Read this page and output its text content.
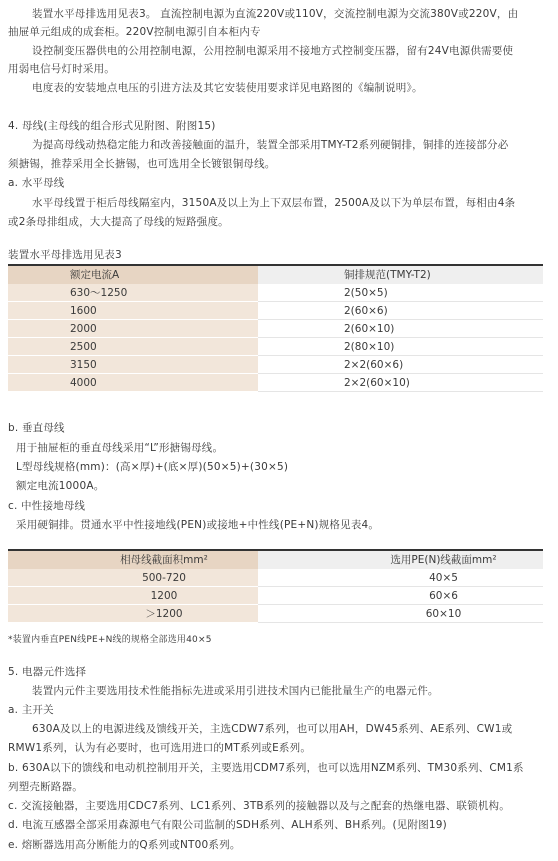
装置水平母排选用见表3。 直流控制电源为直流220V或110V，交流控制电源为交流380V或220V，由
抽屉单元组成的成套柜。220V控制电源引自本柜内专
设控制变压器供电的公用控制电源，公用控制电源采用不接地方式控制变压器，留有24V电源供需要使
用弱电信号灯时采用。
电度表的安装地点电压的引进方法及其它安装使用要求详见电路图的《编制说明》。
4. 母线(主母线的组合形式见附图、附图15)
为提高母线动热稳定能力和改善接触面的温升，装置全部采用TMY-T2系列硬铜排，铜排的连接部分必
须搪锡，推荐采用全长搪锡，也可选用全长镀银铜母线。
a. 水平母线
水平母线置于柜后母线隔室内，3150A及以上为上下双层布置，2500A及以下为单层布置，每相由4条
或2条母排组成，大大提高了母线的短路强度。
装置水平母排选用见表3
额定电流A	铜排规范(TMY-T2)
630～1250	2(50×5)
1600	2(60×6)
2000	2(60×10)
2500	2(80×10)
3150	2×2(60×6)
4000	2×2(60×10)
b. 垂直母线
用于抽屉柜的垂直母线采用“L”形搪锡母线。
L型母线规格(mm)：(高×厚)+(底×厚)(50×5)+(30×5)
额定电流1000A。
c. 中性接地母线
采用硬铜排。贯通水平中性接地线(PEN)或接地+中性线(PE+N)规格见表4。
相母线截面积mm²	选用PE(N)线截面mm²
500-720	40×5
1200	60×6
＞1200	60×10
*装置内垂直PEN线PE+N线的规格全部选用40×5
5. 电器元件选择
装置内元件主要选用技术性能指标先进或采用引进技术国内已能批量生产的电器元件。
a. 主开关
630A及以上的电源进线及馈线开关，主选CDW7系列，也可以用AH，DW45系列、AE系列、CW1或
RMW1系列，认为有必要时，也可选用进口的MT系列或E系列。
b. 630A以下的馈线和电动机控制用开关，主要选用CDM7系列，也可以选用NZM系列、TM30系列、CM1系
列塑壳断路器。
c. 交流接触器，主要选用CDC7系列、LC1系列、3TB系列的接触器以及与之配套的热继电器、联锁机构。
d. 电流互感器全部采用森源电气有限公司监制的SDH系列、ALH系列、BH系列。(见附图19)
e. 熔断器选用高分断能力的Q系列或NT00系列。
